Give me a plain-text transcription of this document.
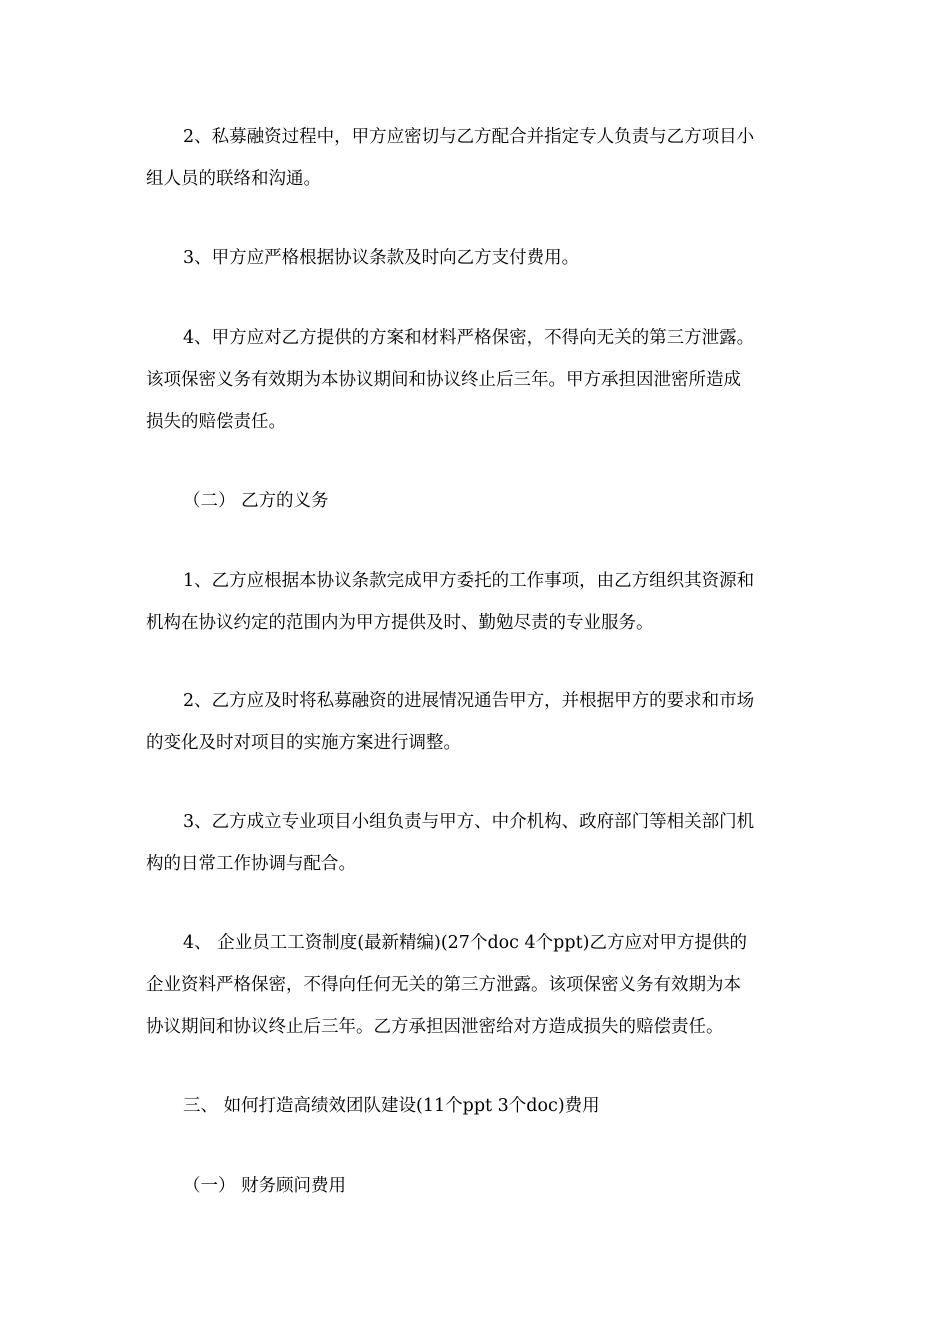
2、私募融资过程中，甲方应密切与乙方配合并指定专人负责与乙方项目小
组人员的联络和沟通。
3、甲方应严格根据协议条款及时向乙方支付费用。
4、甲方应对乙方提供的方案和材料严格保密，不得向无关的第三方泄露。
该项保密义务有效期为本协议期间和协议终止后三年。甲方承担因泄密所造成
损失的赔偿责任。
（二） 乙方的义务
1、乙方应根据本协议条款完成甲方委托的工作事项，由乙方组织其资源和
机构在协议约定的范围内为甲方提供及时、勤勉尽责的专业服务。
2、乙方应及时将私募融资的进展情况通告甲方，并根据甲方的要求和市场
的变化及时对项目的实施方案进行调整。
3、乙方成立专业项目小组负责与甲方、中介机构、政府部门等相关部门机
构的日常工作协调与配合。
4、 企业员工工资制度(最新精编)(27个doc 4个ppt)乙方应对甲方提供的
企业资料严格保密，不得向任何无关的第三方泄露。该项保密义务有效期为本
协议期间和协议终止后三年。乙方承担因泄密给对方造成损失的赔偿责任。
三、 如何打造高绩效团队建设(11个ppt 3个doc)费用
（一） 财务顾问费用
